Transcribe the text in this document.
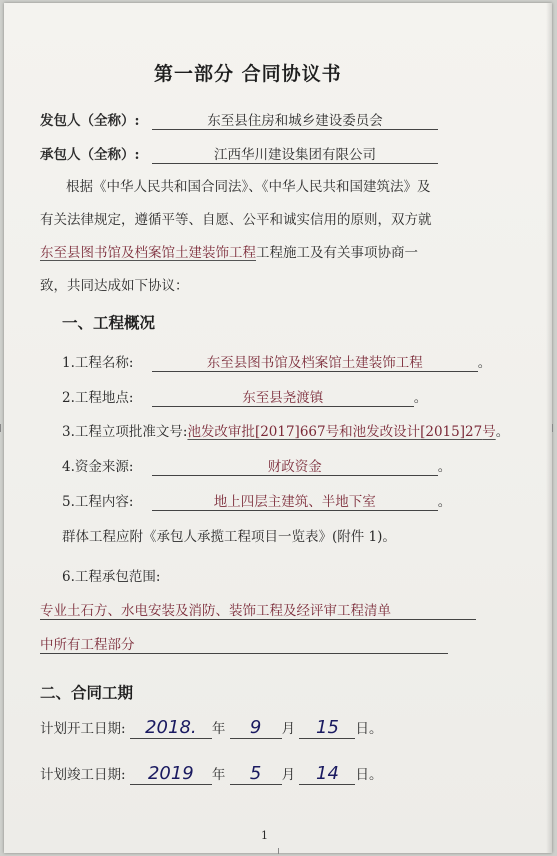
第一部分 合同协议书
发包人（全称）:	东至县住房和城乡建设委员会
承包人（全称）:	江西华川建设集团有限公司
根据《中华人民共和国合同法》、《中华人民共和国建筑法》及
有关法律规定，遵循平等、自愿、公平和诚实信用的原则，双方就
东至县图书馆及档案馆土建装饰工程工程施工及有关事项协商一
致，共同达成如下协议：
一、工程概况
1.工程名称:	东至县图书馆及档案馆土建装饰工程	。
2.工程地点:	东至县尧渡镇	。
3.工程立项批准文号:池发改审批[2017]667号和池发改设计[2015]27号。
4.资金来源:	财政资金	。
5.工程内容:	地上四层主建筑、半地下室	。
群体工程应附《承包人承揽工程项目一览表》(附件 1)。
6.工程承包范围:
专业土石方、水电安装及消防、装饰工程及经评审工程清单
中所有工程部分
二、合同工期
计划开工日期: 2018. 年 9 月 15 日。
计划竣工日期: 2019 年 5 月 14 日。
1
